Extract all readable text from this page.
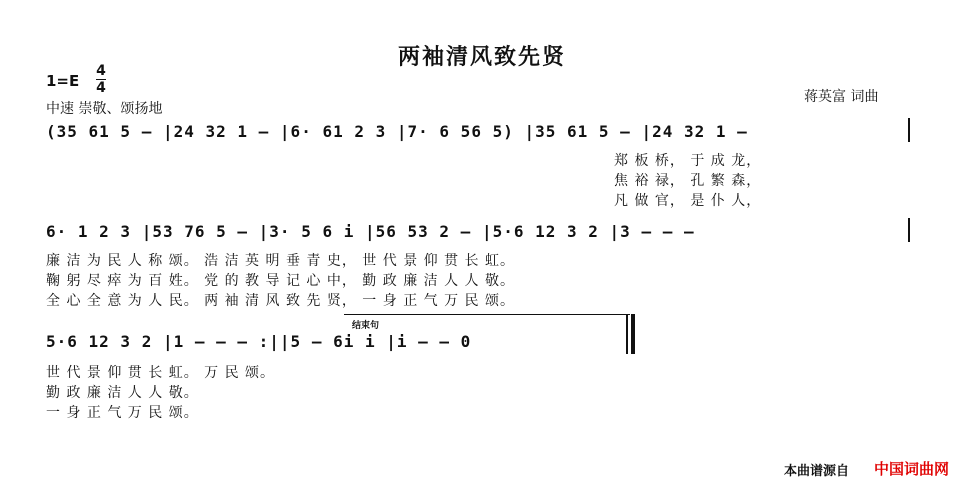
两袖清风致先贤
1=E
4
4
中速 崇敬、颂扬地
蒋英富 词曲
(35 61 5 – |24 32 1 – |6· 61 2 3 |7· 6 56 5) |35 61 5 – |24 32 1 –
郑 板 桥， 于 成 龙，
焦 裕 禄， 孔 繁 森，
凡 做 官， 是 仆 人，
6· 1 2 3 |53 76 5 – |3· 5 6 i |56 53 2 – |5·6 12 3 2 |3 – – –
廉 洁 为 民 人 称 颂。 浩 洁 英 明 垂 青 史， 世 代 景 仰 贯 长 虹。
鞠 躬 尽 瘁 为 百 姓。 党 的 教 导 记 心 中， 勤 政 廉 洁 人 人 敬。
全 心 全 意 为 人 民。 两 袖 清 风 致 先 贤， 一 身 正 气 万 民 颂。
结束句
5·6 12 3 2 |1 – – – :||5 – 6i i |i – – 0
世 代 景 仰 贯 长 虹。 万 民 颂。
勤 政 廉 洁 人 人 敬。
一 身 正 气 万 民 颂。
本曲谱源自 中国词曲网
